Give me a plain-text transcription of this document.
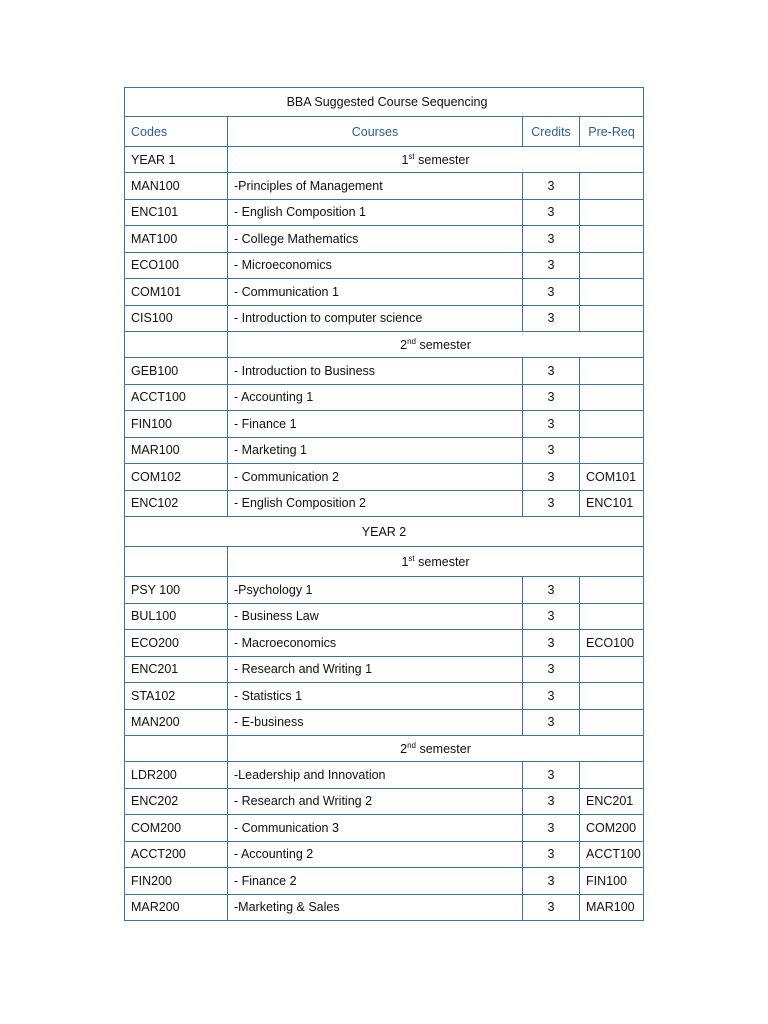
BBA Suggested Course Sequencing			
Codes	Courses	Credits	Pre-Req
YEAR 1	1st semester		
MAN100	-Principles of Management	3	
ENC101	- English Composition 1	3	
MAT100	- College Mathematics	3	
ECO100	- Microeconomics	3	
COM101	- Communication 1	3	
CIS100	- Introduction to computer science	3	
	2nd semester		
GEB100	- Introduction to Business	3	
ACCT100	- Accounting 1	3	
FIN100	- Finance 1	3	
MAR100	- Marketing 1	3	
COM102	- Communication 2	3	COM101
ENC102	- English Composition 2	3	ENC101
YEAR 2			
	1st semester		
PSY 100	-Psychology 1	3	
BUL100	- Business Law	3	
ECO200	- Macroeconomics	3	ECO100
ENC201	- Research and Writing 1	3	
STA102	- Statistics 1	3	
MAN200	- E-business	3	
	2nd semester		
LDR200	-Leadership and Innovation	3	
ENC202	- Research and Writing 2	3	ENC201
COM200	- Communication 3	3	COM200
ACCT200	- Accounting 2	3	ACCT100
FIN200	- Finance 2	3	FIN100
MAR200	-Marketing & Sales	3	MAR100
